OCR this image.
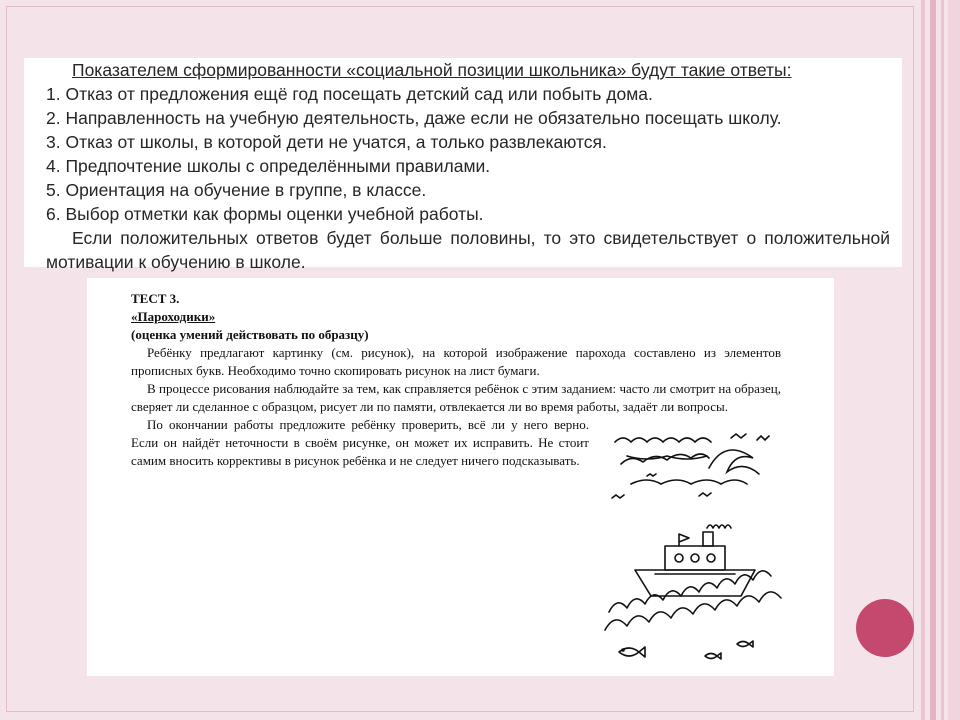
Показателем сформированности «социальной позиции школьника» будут такие ответы:
1. Отказ от предложения ещё год посещать детский сад или побыть дома.
2. Направленность на учебную деятельность, даже если не обязательно посещать школу.
3. Отказ от школы, в которой дети не учатся, а только развлекаются.
4. Предпочтение школы с определёнными правилами.
5. Ориентация на обучение в группе, в классе.
6. Выбор отметки как формы оценки учебной работы.
Если положительных ответов будет больше половины, то это свидетельствует о положительной мотивации к обучению в школе.
ТЕСТ 3.
«Пароходики»
(оценка умений действовать по образцу)
Ребёнку предлагают картинку (см. рисунок), на которой изображение парохода составлено из элементов прописных букв. Необходимо точно скопировать рисунок на лист бумаги.
В процессе рисования наблюдайте за тем, как справляется ребёнок с этим заданием: часто ли смотрит на образец, сверяет ли сделанное с образцом, рисует ли по памяти, отвлекается ли во время работы, задаёт ли вопросы.
По окончании работы предложите ребёнку проверить, всё ли у него верно. Если он найдёт неточности в своём рисунке, он может их исправить. Не стоит самим вносить коррективы в рисунок ребёнка и не следует ничего подсказывать.
